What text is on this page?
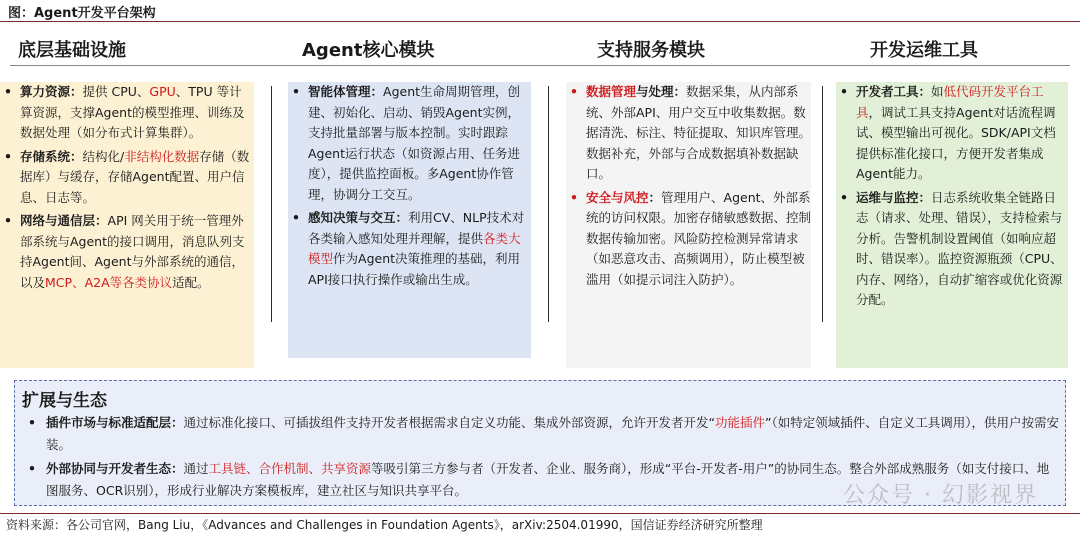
图：Agent开发平台架构
底层基础设施	Agent核心模块	支持服务模块	开发运维工具
• 算力资源：提供 CPU、GPU、TPU 等计算资源，支撑Agent的模型推理、训练及数据处理（如分布式计算集群）。
• 存储系统：结构化/非结构化数据存储（数据库）与缓存，存储Agent配置、用户信息、日志等。
• 网络与通信层：API 网关用于统一管理外部系统与Agent的接口调用，消息队列支持Agent间、Agent与外部系统的通信，以及MCP、A2A等各类协议适配。
• 智能体管理：Agent生命周期管理，创建、初始化、启动、销毁Agent实例，支持批量部署与版本控制。实时跟踪Agent运行状态（如资源占用、任务进度），提供监控面板。多Agent协作管理，协调分工交互。
• 感知决策与交互：利用CV、NLP技术对各类输入感知处理并理解，提供各类大模型作为Agent决策推理的基础，利用API接口执行操作或输出生成。
• 数据管理与处理：数据采集，从内部系统、外部API、用户交互中收集数据。数据清洗、标注、特征提取、知识库管理。数据补充，外部与合成数据填补数据缺口。
• 安全与风控：管理用户、Agent、外部系统的访问权限。加密存储敏感数据、控制数据传输加密。风险防控检测异常请求（如恶意攻击、高频调用），防止模型被滥用（如提示词注入防护）。
• 开发者工具：如低代码开发平台工具，调试工具支持Agent对话流程调试、模型输出可视化。SDK/API文档提供标准化接口，方便开发者集成Agent能力。
• 运维与监控：日志系统收集全链路日志（请求、处理、错误），支持检索与分析。告警机制设置阈值（如响应超时、错误率）。监控资源瓶颈（CPU、内存、网络），自动扩缩容或优化资源分配。
扩展与生态
• 插件市场与标准适配层：通过标准化接口、可插拔组件支持开发者根据需求自定义功能、集成外部资源，允许开发者开发“功能插件”（如特定领域插件、自定义工具调用），供用户按需安装。
• 外部协同与开发者生态：通过工具链、合作机制、共享资源等吸引第三方参与者（开发者、企业、服务商），形成“平台-开发者-用户”的协同生态。整合外部成熟服务（如支付接口、地图服务、OCR识别），形成行业解决方案模板库，建立社区与知识共享平台。	公众号 · 幻影视界
资料来源：各公司官网，Bang Liu，《Advances and Challenges in Foundation Agents》，arXiv:2504.01990，国信证券经济研究所整理
